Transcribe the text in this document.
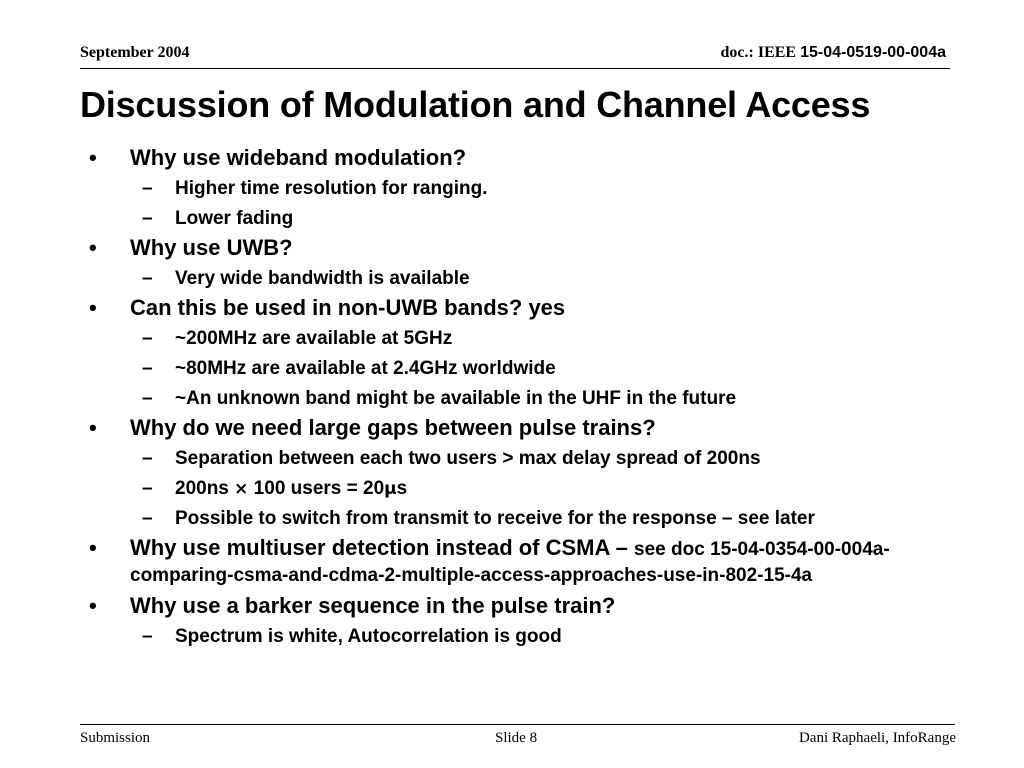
September 2004	doc.: IEEE 15-04-0519-00-004a
Discussion of Modulation and Channel Access
• Why use wideband modulation?
– Higher time resolution for ranging.
– Lower fading
• Why use UWB?
– Very wide bandwidth is available
• Can this be used in non-UWB bands? yes
– ~200MHz are available at 5GHz
– ~80MHz are available at 2.4GHz worldwide
– ~An unknown band might be available in the UHF in the future
• Why do we need large gaps between pulse trains?
– Separation between each two users > max delay spread of 200ns
– 200ns × 100 users = 20μs
– Possible to switch from transmit to receive for the response – see later
• Why use multiuser detection instead of CSMA – see doc 15-04-0354-00-004a-comparing-csma-and-cdma-2-multiple-access-approaches-use-in-802-15-4a
• Why use a barker sequence in the pulse train?
– Spectrum is white, Autocorrelation is good
Submission	Slide 8	Dani Raphaeli, InfoRange
